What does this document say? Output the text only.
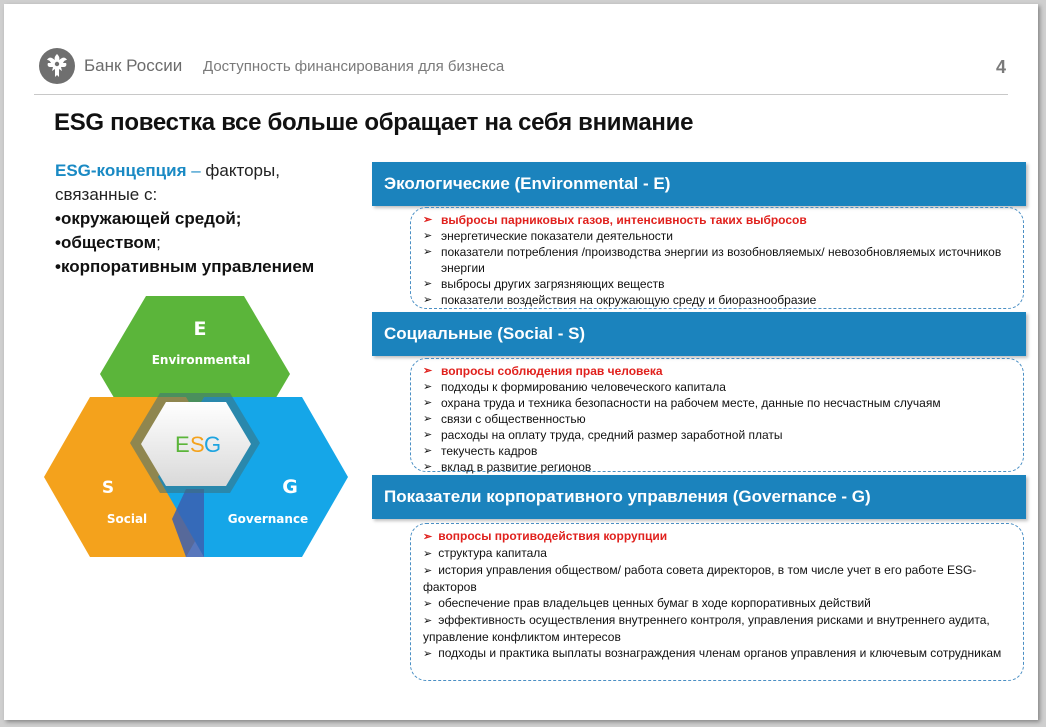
Банк России Доступность финансирования для бизнеса	4
ESG повестка все больше обращает на себя внимание
ESG-концепция – факторы,
связанные с:
•окружающей средой;
•обществом;
•корпоративным управлением
E S G
E
Environmental
S
Social
G
Governance
Экологические (Environmental - E)
➢ выбросы парниковых газов, интенсивность таких выбросов
➢ энергетические показатели деятельности
➢ показатели потребления /производства энергии из возобновляемых/ невозобновляемых источников энергии
➢ выбросы других загрязняющих веществ
➢ показатели воздействия на окружающую среду и биоразнообразие
Социальные (Social - S)
➢ вопросы соблюдения прав человека
➢ подходы к формированию человеческого капитала
➢ охрана труда и техника безопасности на рабочем месте, данные по несчастным случаям
➢ связи с общественностью
➢ расходы на оплату труда, средний размер заработной платы
➢ текучесть кадров
➢ вклад в развитие регионов
Показатели корпоративного управления (Governance - G)
➢ вопросы противодействия коррупции
➢ структура капитала
➢ история управления обществом/ работа совета директоров, в том числе учет в его работе ESG-факторов
➢ обеспечение прав владельцев ценных бумаг в ходе корпоративных действий
➢ эффективность осуществления внутреннего контроля, управления рисками и внутреннего аудита, управление конфликтом интересов
➢ подходы и практика выплаты вознаграждения членам органов управления и ключевым сотрудникам
